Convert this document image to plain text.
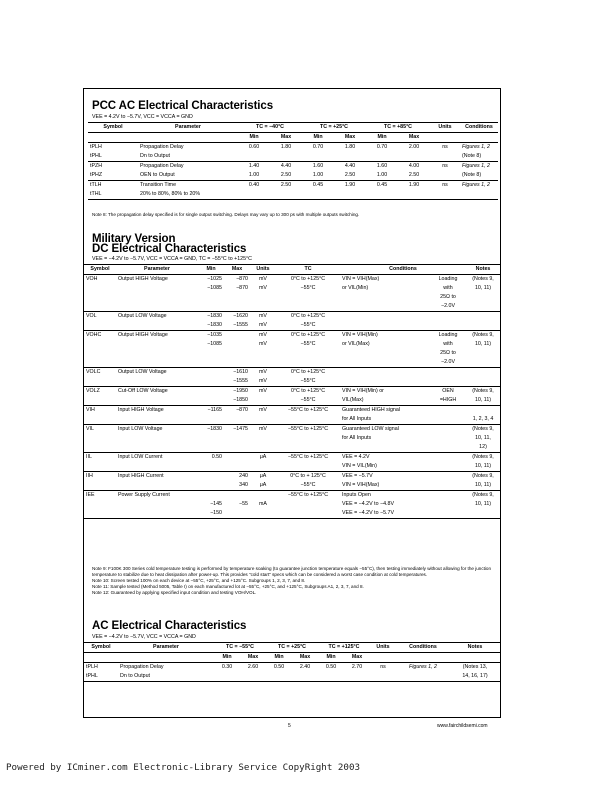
PCC AC Electrical Characteristics
VEE = 4.2V to −5.7V, VCC = VCCA = GND
Symbol	Parameter	TC = −40°C		TC = +25°C		TC = +85°C		Units	Conditions
		Min	Max	Min	Max	Min	Max		
tPLH	Propagation Delay	0.60	1.80	0.70	1.80	0.70	2.00	ns	Figures 1, 2
tPHL	Dn to Output								(Note 8)
tPZH	Propagation Delay	1.40	4.40	1.60	4.40	1.60	4.00	ns	Figures 1, 2
tPHZ	OEN to Output	1.00	2.50	1.00	2.50	1.00	2.50		(Note 8)
tTLH	Transition Time	0.40	2.50	0.45	1.90	0.45	1.90	ns	Figures 1, 2
tTHL	20% to 80%, 80% to 20%								
Note 8: The propagation delay specified is for single output switching. Delays may vary up to 300 ps with multiple outputs switching.
Military Version
DC Electrical Characteristics
VEE = −4.2V to −5.7V, VCC = VCCA = GND, TC = −55°C to +125°C
Symbol	Parameter	Min	Max	Units	TC	Conditions		Notes
VOH	Output HIGH Voltage	−1025	−870	mV	0°C to +125°C	VIN = VIH(Max)	Loading	(Notes 9,
		−1085	−870	mV	−55°C	or VIL(Min)	with	10, 11)
							25Ω to	
							−2.0V	
VOL	Output LOW Voltage	−1830	−1620	mV	0°C to +125°C			
		−1830	−1555	mV	−55°C			
VOHC	Output HIGH Voltage	−1035		mV	0°C to +125°C	VIN = VIH(Min)	Loading	(Notes 9,
		−1085		mV	−55°C	or VIL(Max)	with	10, 11)
							25Ω to	
							−2.0V	
VOLC	Output LOW Voltage		−1610	mV	0°C to +125°C			
			−1555	mV	−55°C			
VOLZ	Cut-Off LOW Voltage		−1950	mV	0°C to +125°C	VIN = VIH(Min) or	OEN	(Notes 9,
			−1850		−55°C	VIL(Max)	=HIGH	10, 11)
VIH	Input HIGH Voltage	−1165	−870	mV	−55°C to +125°C	Guaranteed HIGH signal		
						for All Inputs		1, 2, 3, 4
VIL	Input LOW Voltage	−1830	−1475	mV	−55°C to +125°C	Guaranteed LOW signal		(Notes 9,
						for All Inputs		10, 11,
								12)
IIL	Input LOW Current	0.50		μA	−55°C to +125°C	VEE = 4.2V		(Notes 9,
						VIN = VIL(Min)		10, 11)
IIH	Input HIGH Current		240	μA	0°C to + 125°C	VEE = −5.7V		(Notes 9,
			340	μA	−55°C	VIN = VIH(Max)		10, 11)
IEE	Power Supply Current				−55°C to +125°C	Inputs Open		(Notes 9,
		−145	−55	mA		VEE = −4.2V to −4.8V		10, 11)
		−150				VEE = −4.2V to −5.7V		
Note 9: F100K 300 Series cold temperature testing is performed by temperature soaking (to guarantee junction temperature equals −55°C), then testing immediately without allowing for the junction temperature to stabilize due to heat dissipation after power-up. This provides "cold start" specs which can be considered a worst case condition at cold temperatures.
Note 10: Screen tested 100% on each device at −55°C, +25°C, and +125°C. Subgroups 1, 2, 3, 7, and 8.
Note 11: Sample tested (Method 5005, Table I) on each manufactured lot at −55°C, +25°C, and +125°C, Subgroups A1, 2, 3, 7, and 8.
Note 12: Guaranteed by applying specified input condition and testing VOH/VOL.
AC Electrical Characteristics
VEE = −4.2V to −5.7V, VCC = VCCA = GND
Symbol	Parameter	TC = −55°C		TC = +25°C		TC = +125°C		Units	Conditions	Notes
		Min	Max	Min	Max	Min	Max			
tPLH	Propagation Delay	0.30	2.60	0.50	2.40	0.50	2.70	ns	Figures 1, 2	(Notes 13,
tPHL	Dn to Output									14, 16, 17)
5	www.fairchildsemi.com
Powered by ICminer.com Electronic-Library Service CopyRight 2003
